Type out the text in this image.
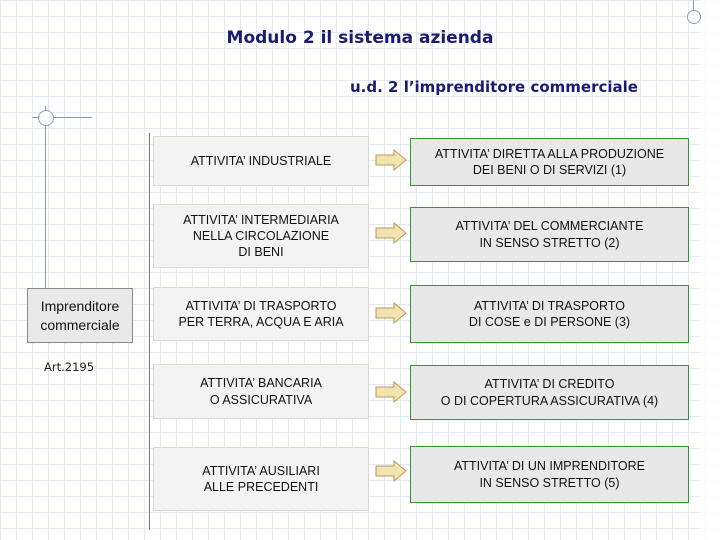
Modulo 2 il sistema azienda
u.d. 2 l’imprenditore commerciale
Imprenditore
commerciale
Art.2195
ATTIVITA’ INDUSTRIALE
ATTIVITA’ DIRETTA ALLA PRODUZIONE
DEI BENI O DI SERVIZI (1)
ATTIVITA’ INTERMEDIARIA
NELLA CIRCOLAZIONE
DI BENI
ATTIVITA’ DEL COMMERCIANTE
IN SENSO STRETTO (2)
ATTIVITA’ DI TRASPORTO
PER TERRA, ACQUA E ARIA
ATTIVITA’ DI TRASPORTO
DI COSE e DI PERSONE (3)
ATTIVITA’ BANCARIA
O ASSICURATIVA
ATTIVITA’ DI CREDITO
O DI COPERTURA ASSICURATIVA (4)
ATTIVITA’ AUSILIARI
ALLE PRECEDENTI
ATTIVITA’ DI UN IMPRENDITORE
IN SENSO STRETTO (5)
